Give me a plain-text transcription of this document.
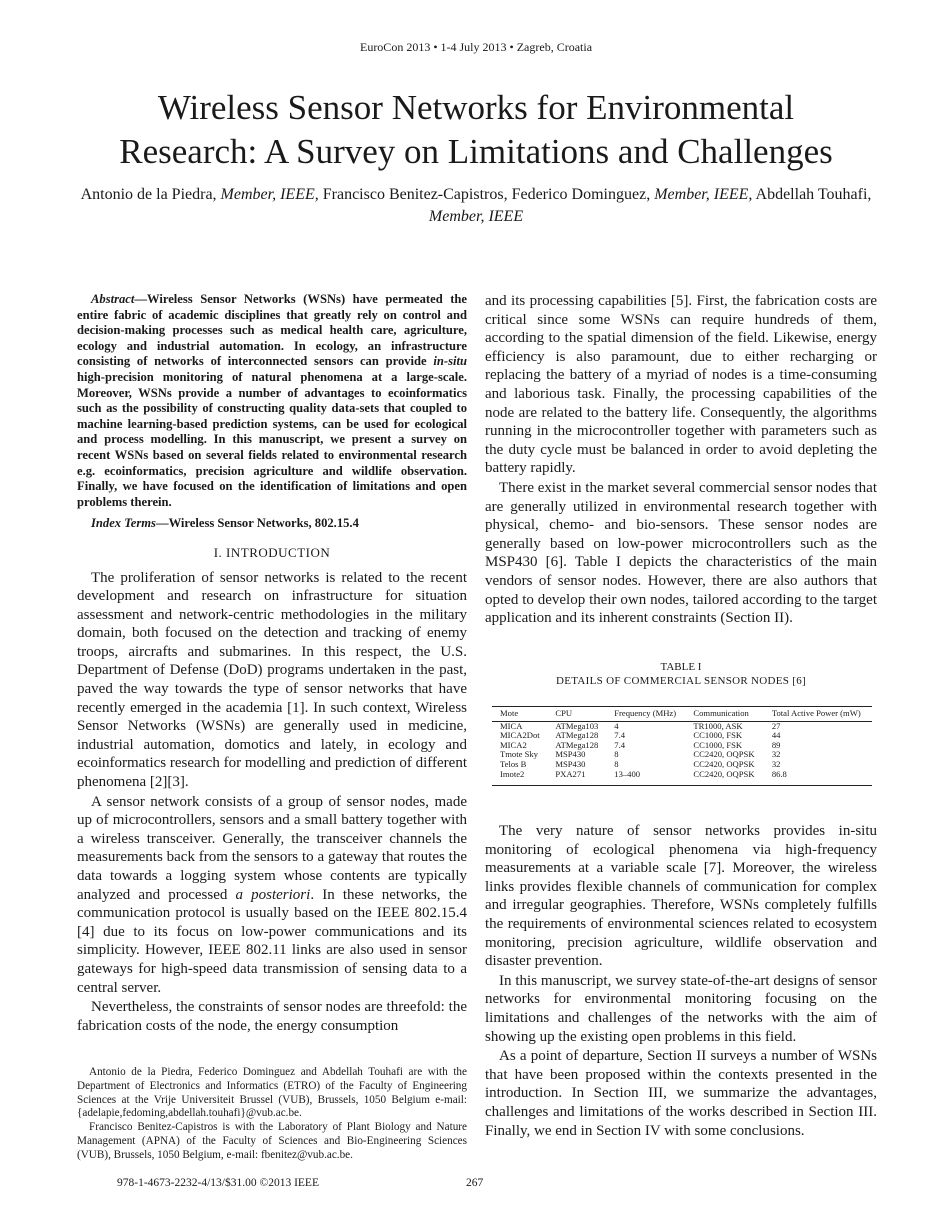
EuroCon 2013 • 1-4 July 2013 • Zagreb, Croatia
Wireless Sensor Networks for Environmental
Research: A Survey on Limitations and Challenges
Antonio de la Piedra, Member, IEEE, Francisco Benitez-Capistros, Federico Dominguez, Member, IEEE, Abdellah Touhafi, Member, IEEE

Abstract—Wireless Sensor Networks (WSNs) have permeated the entire fabric of academic disciplines that greatly rely on control and decision-making processes such as medical health care, agriculture, ecology and industrial automation. In ecology, an infrastructure consisting of networks of interconnected sensors can provide in-situ high-precision monitoring of natural phenomena at a large-scale. Moreover, WSNs provide a number of advantages to ecoinformatics such as the possibility of constructing quality data-sets that coupled to machine learning-based prediction systems, can be used for ecological and process modelling. In this manuscript, we present a survey on recent WSNs based on several fields related to environmental research e.g. ecoinformatics, precision agriculture and wildlife observation. Finally, we have focused on the identification of limitations and open problems therein.

Index Terms—Wireless Sensor Networks, 802.15.4

I. INTRODUCTION

The proliferation of sensor networks is related to the recent development and research on infrastructure for situation assessment and network-centric methodologies in the military domain, both focused on the detection and tracking of enemy troops, aircrafts and submarines. In this respect, the U.S. Department of Defense (DoD) programs undertaken in the past, paved the way towards the type of sensor networks that have recently emerged in the academia [1]. In such context, Wireless Sensor Networks (WSNs) are generally used in medicine, industrial automation, domotics and lately, in ecology and ecoinformatics research for modelling and prediction of different phenomena [2][3].

A sensor network consists of a group of sensor nodes, made up of microcontrollers, sensors and a small battery together with a wireless transceiver. Generally, the transceiver channels the measurements back from the sensors to a gateway that routes the data towards a logging system whose contents are typically analyzed and processed a posteriori. In these networks, the communication protocol is usually based on the IEEE 802.15.4 [4] due to its focus on low-power communications and its simplicity. However, IEEE 802.11 links are also used in sensor gateways for high-speed data transmission of sensing data to a central server.

Nevertheless, the constraints of sensor nodes are threefold: the fabrication costs of the node, the energy consumption

Antonio de la Piedra, Federico Dominguez and Abdellah Touhafi are with the Department of Electronics and Informatics (ETRO) of the Faculty of Engineering Sciences at the Vrije Universiteit Brussel (VUB), Brussels, 1050 Belgium e-mail: {adelapie,fedoming,abdellah.touhafi}@vub.ac.be.

Francisco Benitez-Capistros is with the Laboratory of Plant Biology and Nature Management (APNA) of the Faculty of Sciences and Bio-Engineering Sciences (VUB), Brussels, 1050 Belgium, e-mail: fbenitez@vub.ac.be.

and its processing capabilities [5]. First, the fabrication costs are critical since some WSNs can require hundreds of them, according to the spatial dimension of the field. Likewise, energy efficiency is also paramount, due to either recharging or replacing the battery of a myriad of nodes is a time-consuming and laborious task. Finally, the processing capabilities of the node are related to the battery life. Consequently, the algorithms running in the microcontroller together with parameters such as the duty cycle must be balanced in order to avoid depleting the battery rapidly.

There exist in the market several commercial sensor nodes that are generally utilized in environmental research together with physical, chemo- and bio-sensors. These sensor nodes are generally based on low-power microcontrollers such as the MSP430 [6]. Table I depicts the characteristics of the main vendors of sensor nodes. However, there are also authors that opted to develop their own nodes, tailored according to the target application and its inherent constraints (Section II).

TABLE I
DETAILS OF COMMERCIAL SENSOR NODES [6]
Mote	CPU	Frequency (MHz)	Communication	Total Active Power (mW)
MICA	ATMega103	4	TR1000, ASK	27
MICA2Dot	ATMega128	7.4	CC1000, FSK	44
MICA2	ATMega128	7.4	CC1000, FSK	89
Tmote Sky	MSP430	8	CC2420, OQPSK	32
Telos B	MSP430	8	CC2420, OQPSK	32
Imote2	PXA271	13–400	CC2420, OQPSK	86.8

The very nature of sensor networks provides in-situ monitoring of ecological phenomena via high-frequency measurements at a variable scale [7]. Moreover, the wireless links provides flexible channels of communication for complex and irregular geographies. Therefore, WSNs completely fulfills the requirements of environmental sciences related to ecosystem monitoring, precision agriculture, wildlife observation and disaster prevention.

In this manuscript, we survey state-of-the-art designs of sensor networks for environmental monitoring focusing on the limitations and challenges of the networks with the aim of showing up the existing open problems in this field.

As a point of departure, Section II surveys a number of WSNs that have been proposed within the contexts presented in the introduction. In Section III, we summarize the advantages, challenges and limitations of the works described in Section III. Finally, we end in Section IV with some conclusions.

978-1-4673-2232-4/13/$31.00 ©2013 IEEE	267
